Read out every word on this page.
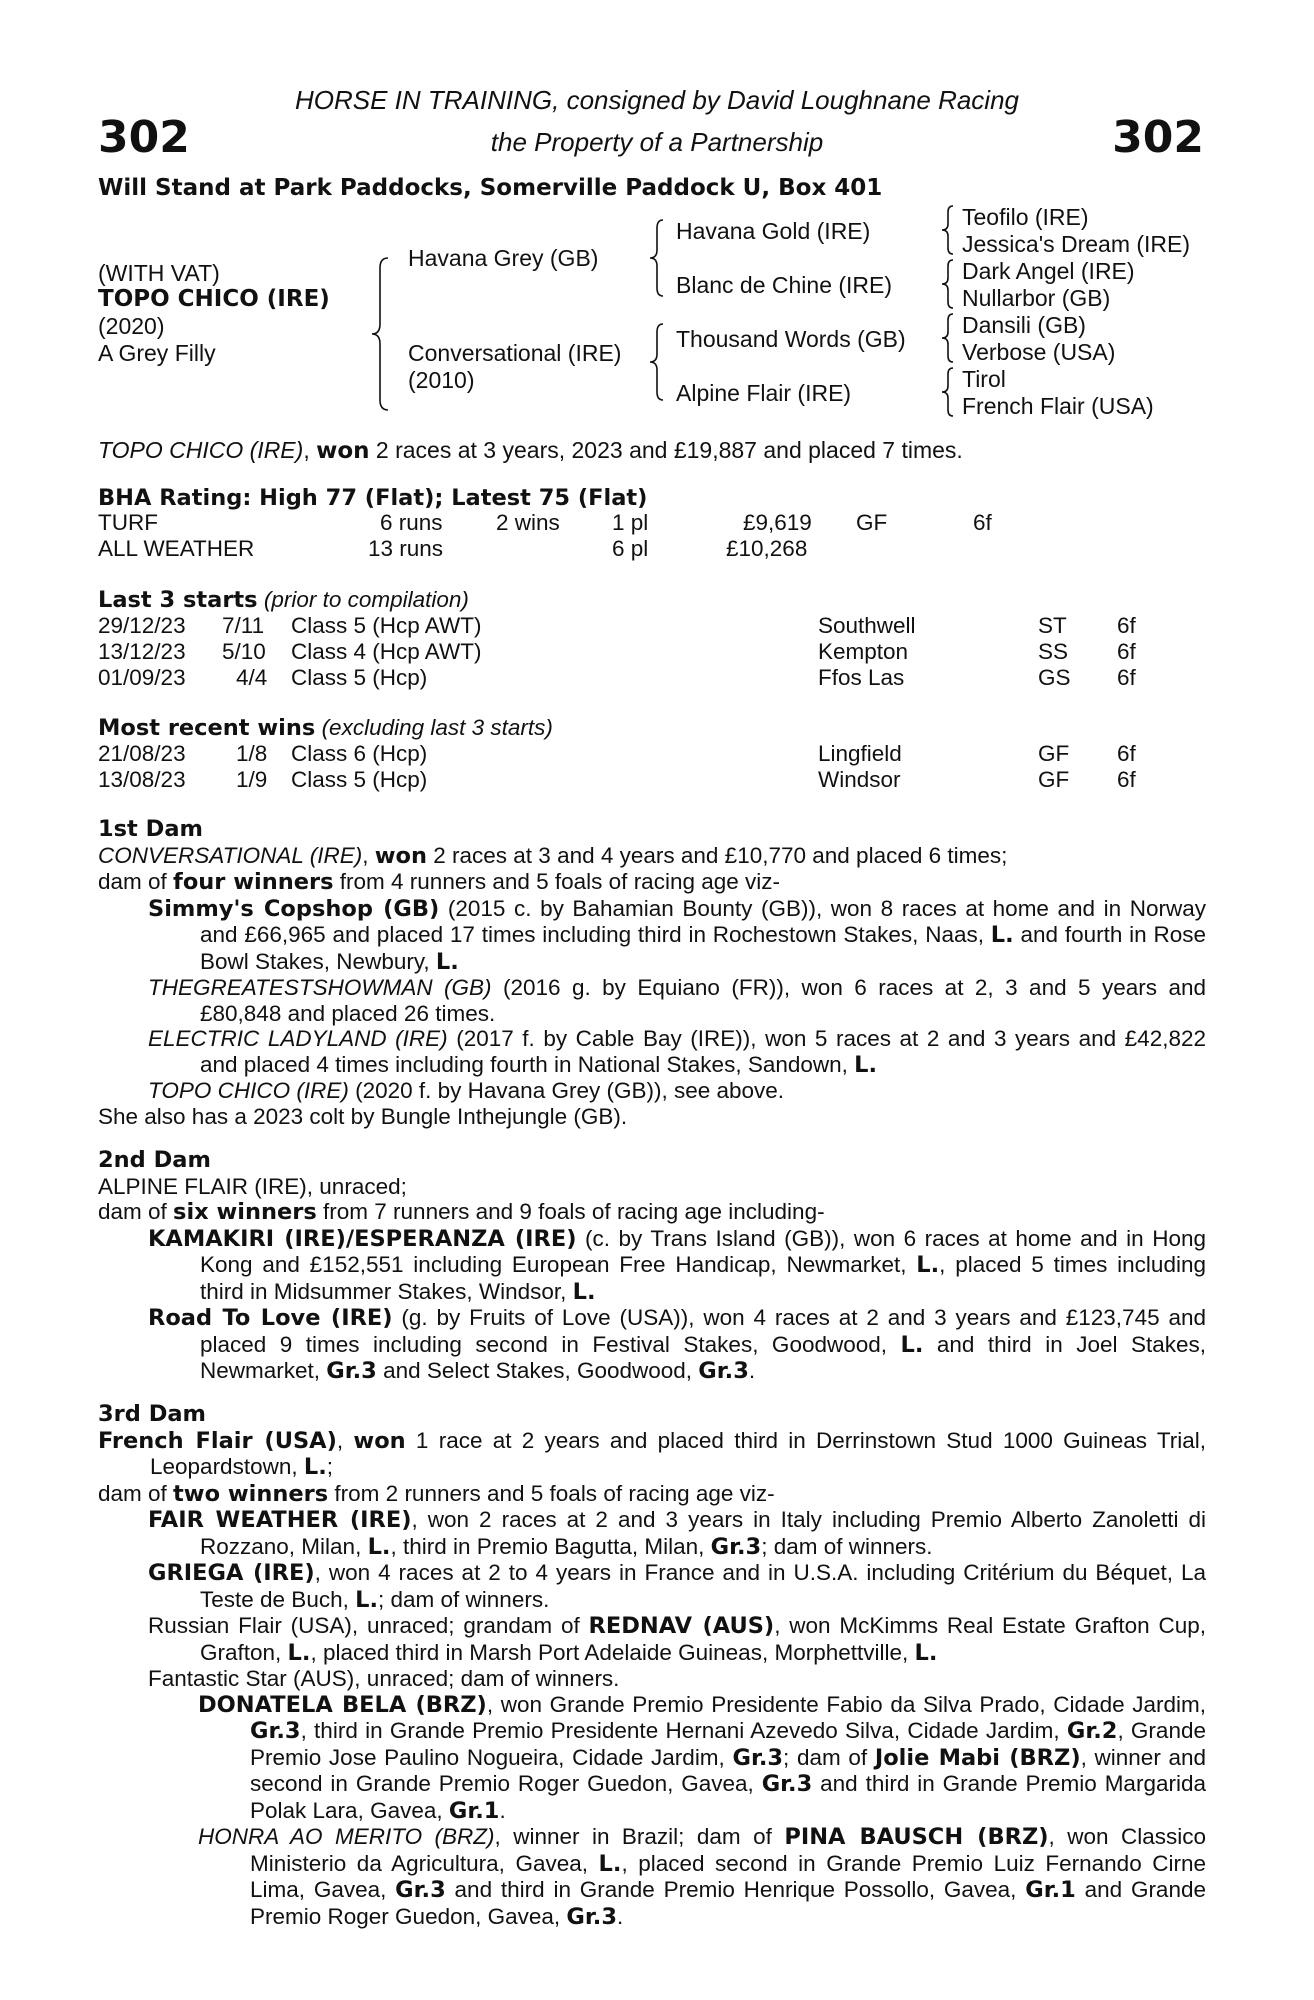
302	302
HORSE IN TRAINING, consigned by David Loughnane Racing
the Property of a Partnership
Will Stand at Park Paddocks, Somerville Paddock U, Box 401
(WITH VAT)
TOPO CHICO (IRE)
(2020)
A Grey Filly
Havana Grey (GB)
Conversational (IRE)
(2010)
Havana Gold (IRE)
Blanc de Chine (IRE)
Thousand Words (GB)
Alpine Flair (IRE)
Teofilo (IRE)
Jessica's Dream (IRE)
Dark Angel (IRE)
Nullarbor (GB)
Dansili (GB)
Verbose (USA)
Tirol
French Flair (USA)
TOPO CHICO (IRE), won 2 races at 3 years, 2023 and £19,887 and placed 7 times.
BHA Rating: High 77 (Flat); Latest 75 (Flat)
TURF	6 runs 2 wins 1 pl	£9,619 GF	6f
ALL WEATHER	13 runs	6 pl	£10,268
Last 3 starts (prior to compilation)
29/12/23 7/11 Class 5 (Hcp AWT)	Southwell	ST 6f
13/12/23 5/10 Class 4 (Hcp AWT)	Kempton	SS 6f
01/09/23 4/4 Class 5 (Hcp)	Ffos Las	GS 6f
Most recent wins (excluding last 3 starts)
21/08/23 1/8 Class 6 (Hcp)	Lingfield	GF 6f
13/08/23 1/9 Class 5 (Hcp)	Windsor	GF 6f

1st Dam

CONVERSATIONAL (IRE), won 2 races at 3 and 4 years and £10,770 and placed 6 times;

dam of four winners from 4 runners and 5 foals of racing age viz-

Simmy's Copshop (GB) (2015 c. by Bahamian Bounty (GB)), won 8 races at home and in Norway and £66,965 and placed 17 times including third in Rochestown Stakes, Naas, L. and fourth in Rose Bowl Stakes, Newbury, L.

THEGREATESTSHOWMAN (GB) (2016 g. by Equiano (FR)), won 6 races at 2, 3 and 5 years and £80,848 and placed 26 times.

ELECTRIC LADYLAND (IRE) (2017 f. by Cable Bay (IRE)), won 5 races at 2 and 3 years and £42,822 and placed 4 times including fourth in National Stakes, Sandown, L.

TOPO CHICO (IRE) (2020 f. by Havana Grey (GB)), see above.

She also has a 2023 colt by Bungle Inthejungle (GB).

2nd Dam

ALPINE FLAIR (IRE), unraced;

dam of six winners from 7 runners and 9 foals of racing age including-

KAMAKIRI (IRE)/ESPERANZA (IRE) (c. by Trans Island (GB)), won 6 races at home and in Hong Kong and £152,551 including European Free Handicap, Newmarket, L., placed 5 times including third in Midsummer Stakes, Windsor, L.

Road To Love (IRE) (g. by Fruits of Love (USA)), won 4 races at 2 and 3 years and £123,745 and placed 9 times including second in Festival Stakes, Goodwood, L. and third in Joel Stakes, Newmarket, Gr.3 and Select Stakes, Goodwood, Gr.3.

3rd Dam

French Flair (USA), won 1 race at 2 years and placed third in Derrinstown Stud 1000 Guineas Trial, Leopardstown, L.;

dam of two winners from 2 runners and 5 foals of racing age viz-

FAIR WEATHER (IRE), won 2 races at 2 and 3 years in Italy including Premio Alberto Zanoletti di Rozzano, Milan, L., third in Premio Bagutta, Milan, Gr.3; dam of winners.

GRIEGA (IRE), won 4 races at 2 to 4 years in France and in U.S.A. including Critérium du Béquet, La Teste de Buch, L.; dam of winners.

Russian Flair (USA), unraced; grandam of REDNAV (AUS), won McKimms Real Estate Grafton Cup, Grafton, L., placed third in Marsh Port Adelaide Guineas, Morphettville, L.

Fantastic Star (AUS), unraced; dam of winners.

DONATELA BELA (BRZ), won Grande Premio Presidente Fabio da Silva Prado, Cidade Jardim, Gr.3, third in Grande Premio Presidente Hernani Azevedo Silva, Cidade Jardim, Gr.2, Grande Premio Jose Paulino Nogueira, Cidade Jardim, Gr.3; dam of Jolie Mabi (BRZ), winner and second in Grande Premio Roger Guedon, Gavea, Gr.3 and third in Grande Premio Margarida Polak Lara, Gavea, Gr.1.

HONRA AO MERITO (BRZ), winner in Brazil; dam of PINA BAUSCH (BRZ), won Classico Ministerio da Agricultura, Gavea, L., placed second in Grande Premio Luiz Fernando Cirne Lima, Gavea, Gr.3 and third in Grande Premio Henrique Possollo, Gavea, Gr.1 and Grande Premio Roger Guedon, Gavea, Gr.3.
